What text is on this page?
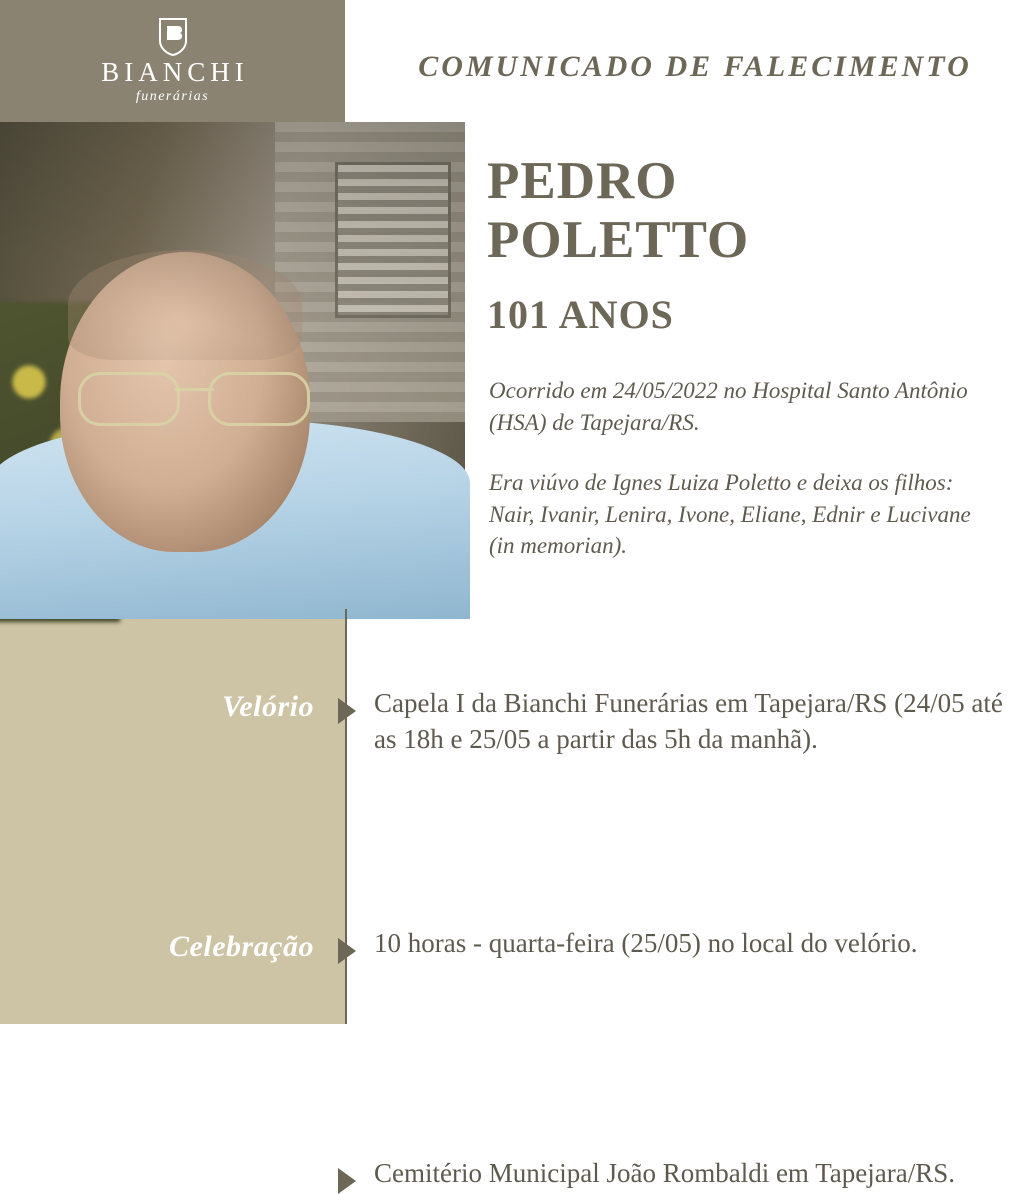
BIANCHI
funerárias
COMUNICADO DE FALECIMENTO
PEDRO
POLETTO
101 ANOS
Ocorrido em 24/05/2022 no Hospital Santo Antônio (HSA) de Tapejara/RS.
Era viúvo de Ignes Luiza Poletto e deixa os filhos: Nair, Ivanir, Lenira, Ivone, Eliane, Ednir e Lucivane (in memorian).
Velório Capela I da Bianchi Funerárias em Tapejara/RS (24/05 até as 18h e 25/05 a partir das 5h da manhã).
Celebração 10 horas - quarta-feira (25/05) no local do velório.
Sepultamento Cemitério Municipal João Rombaldi em Tapejara/RS.
